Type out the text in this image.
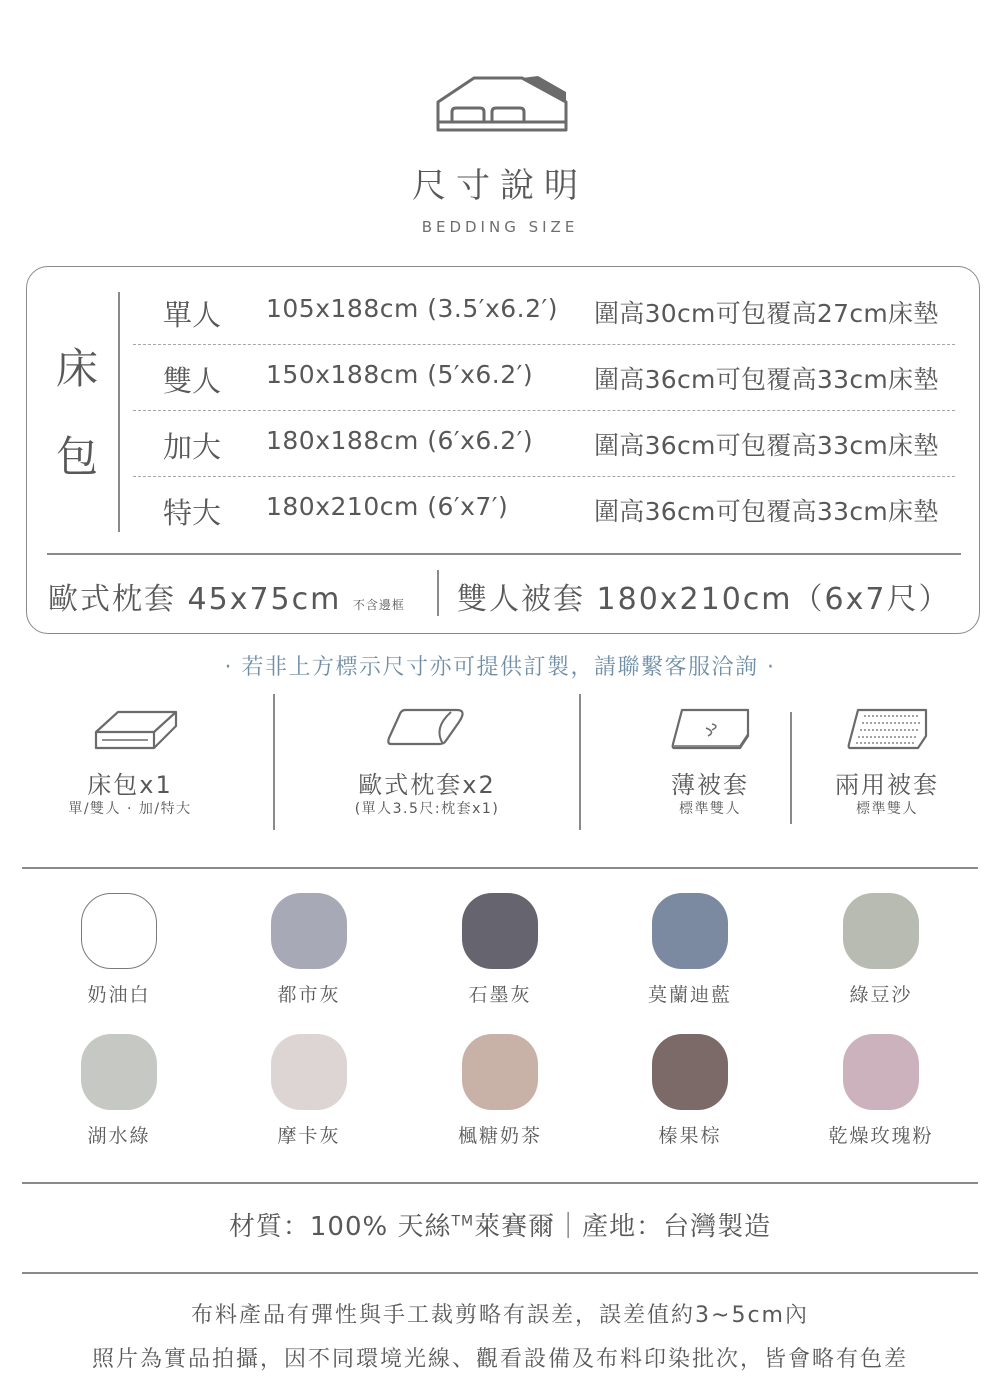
尺寸說明
BEDDING SIZE
床
包
單人 105x188cm (3.5′x6.2′) 圍高30cm可包覆高27cm床墊
雙人 150x188cm (5′x6.2′) 圍高36cm可包覆高33cm床墊
加大 180x188cm (6′x6.2′) 圍高36cm可包覆高33cm床墊
特大 180x210cm (6′x7′)	圍高36cm可包覆高33cm床墊
歐式枕套 45x75cm 不含邊框 雙人被套 180x210cm（6x7尺）
· 若非上方標示尺寸亦可提供訂製，請聯繫客服洽詢 ·
床包x1
單/雙人 · 加/特大
歐式枕套x2
(單人3.5尺:枕套x1)
薄被套
標準雙人
兩用被套
標準雙人
奶油白	都市灰	石墨灰	莫蘭迪藍	綠豆沙
湖水綠	摩卡灰	楓糖奶茶	榛果棕	乾燥玫瑰粉
材質：100% 天絲™萊賽爾｜產地：台灣製造
布料產品有彈性與手工裁剪略有誤差，誤差值約3~5cm內
照片為實品拍攝，因不同環境光線、觀看設備及布料印染批次，皆會略有色差
